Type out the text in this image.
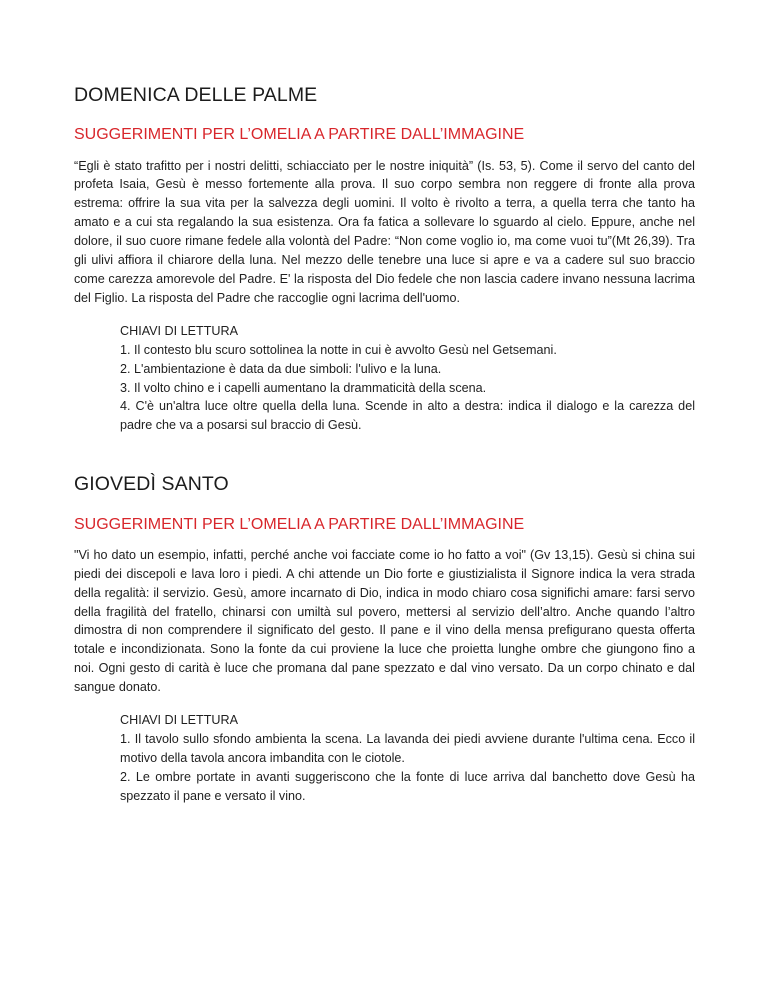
DOMENICA DELLE PALME
SUGGERIMENTI PER L’OMELIA A PARTIRE DALL’IMMAGINE

“Egli è stato trafitto per i nostri delitti, schiacciato per le nostre iniquità” (Is. 53, 5). Come il servo del canto del profeta Isaia, Gesù è messo fortemente alla prova. Il suo corpo sembra non reggere di fronte alla prova estrema: offrire la sua vita per la salvezza degli uomini. Il volto è rivolto a terra, a quella terra che tanto ha amato e a cui sta regalando la sua esistenza. Ora fa fatica a sollevare lo sguardo al cielo. Eppure, anche nel dolore, il suo cuore rimane fedele alla volontà del Padre: “Non come voglio io, ma come vuoi tu”(Mt 26,39). Tra gli ulivi affiora il chiarore della luna. Nel mezzo delle tenebre una luce si apre e va a cadere sul suo braccio come carezza amorevole del Padre. E' la risposta del Dio fedele che non lascia cadere invano nessuna lacrima del Figlio. La risposta del Padre che raccoglie ogni lacrima dell'uomo.

CHIAVI DI LETTURA
1. Il contesto blu scuro sottolinea la notte in cui è avvolto Gesù nel Getsemani.
2. L'ambientazione è data da due simboli: l'ulivo e la luna.
3. Il volto chino e i capelli aumentano la drammaticità della scena.
4. C'è un'altra luce oltre quella della luna. Scende in alto a destra: indica il dialogo e la carezza del padre che va a posarsi sul braccio di Gesù.
GIOVEDÌ SANTO
SUGGERIMENTI PER L’OMELIA A PARTIRE DALL’IMMAGINE

"Vi ho dato un esempio, infatti, perché anche voi facciate come io ho fatto a voi" (Gv 13,15). Gesù si china sui piedi dei discepoli e lava loro i piedi. A chi attende un Dio forte e giustizialista il Signore indica la vera strada della regalità: il servizio. Gesù, amore incarnato di Dio, indica in modo chiaro cosa significhi amare: farsi servo della fragilità del fratello, chinarsi con umiltà sul povero, mettersi al servizio dell’altro. Anche quando l’altro dimostra di non comprendere il significato del gesto. Il pane e il vino della mensa prefigurano questa offerta totale e incondizionata. Sono la fonte da cui proviene la luce che proietta lunghe ombre che giungono fino a noi. Ogni gesto di carità è luce che promana dal pane spezzato e dal vino versato. Da un corpo chinato e dal sangue donato.

CHIAVI DI LETTURA
1. Il tavolo sullo sfondo ambienta la scena. La lavanda dei piedi avviene durante l'ultima cena. Ecco il motivo della tavola ancora imbandita con le ciotole.
2. Le ombre portate in avanti suggeriscono che la fonte di luce arriva dal banchetto dove Gesù ha spezzato il pane e versato il vino.
